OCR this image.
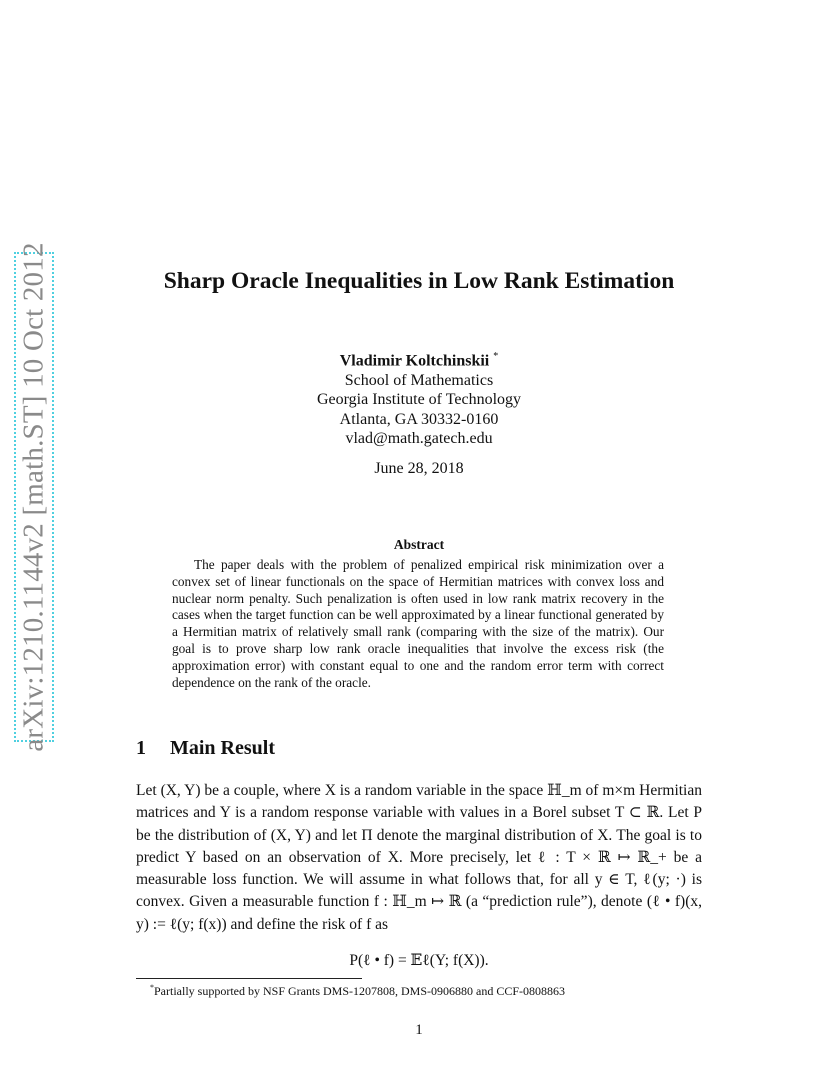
arXiv:1210.1144v2 [math.ST] 10 Oct 2012	Sharp Oracle Inequalities in Low Rank Estimation
Vladimir Koltchinskii *
School of Mathematics
Georgia Institute of Technology
Atlanta, GA 30332-0160
vlad@math.gatech.edu
June 28, 2018
Abstract
The paper deals with the problem of penalized empirical risk minimization over a convex set of linear functionals on the space of Hermitian matrices with convex loss and nuclear norm penalty. Such penalization is often used in low rank matrix recovery in the cases when the target function can be well approximated by a linear functional generated by a Hermitian matrix of relatively small rank (comparing with the size of the matrix). Our goal is to prove sharp low rank oracle inequalities that involve the excess risk (the approximation error) with constant equal to one and the random error term with correct dependence on the rank of the oracle.
1 Main Result
Let (X, Y) be a couple, where X is a random variable in the space ℍ_m of m×m Hermitian matrices and Y is a random response variable with values in a Borel subset T ⊂ ℝ. Let P be the distribution of (X, Y) and let Π denote the marginal distribution of X. The goal is to predict Y based on an observation of X. More precisely, let ℓ : T × ℝ ↦ ℝ_+ be a measurable loss function. We will assume in what follows that, for all y ∈ T, ℓ(y; ·) is convex. Given a measurable function f : ℍ_m ↦ ℝ (a “prediction rule”), denote (ℓ • f)(x, y) := ℓ(y; f(x)) and define the risk of f as
P(ℓ • f) = 𝔼ℓ(Y; f(X)).
*Partially supported by NSF Grants DMS-1207808, DMS-0906880 and CCF-0808863
1
